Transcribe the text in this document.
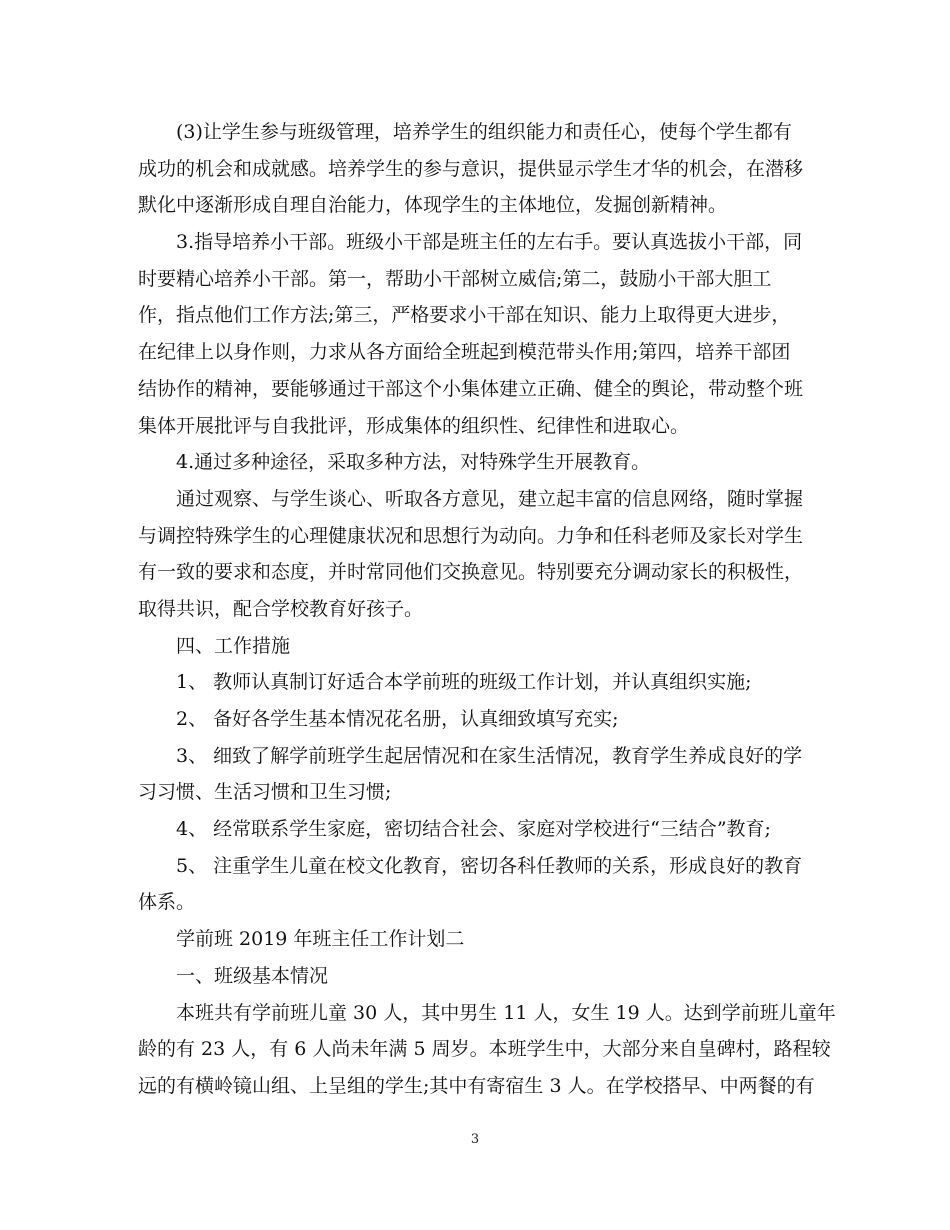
(3)让学生参与班级管理，培养学生的组织能力和责任心，使每个学生都有
成功的机会和成就感。培养学生的参与意识，提供显示学生才华的机会，在潜移
默化中逐渐形成自理自治能力，体现学生的主体地位，发掘创新精神。
3.指导培养小干部。班级小干部是班主任的左右手。要认真选拔小干部，同
时要精心培养小干部。第一，帮助小干部树立威信;第二，鼓励小干部大胆工
作，指点他们工作方法;第三，严格要求小干部在知识、能力上取得更大进步，
在纪律上以身作则，力求从各方面给全班起到模范带头作用;第四，培养干部团
结协作的精神，要能够通过干部这个小集体建立正确、健全的舆论，带动整个班
集体开展批评与自我批评，形成集体的组织性、纪律性和进取心。
4.通过多种途径，采取多种方法，对特殊学生开展教育。
通过观察、与学生谈心、听取各方意见，建立起丰富的信息网络，随时掌握
与调控特殊学生的心理健康状况和思想行为动向。力争和任科老师及家长对学生
有一致的要求和态度，并时常同他们交换意见。特别要充分调动家长的积极性，
取得共识，配合学校教育好孩子。
四、工作措施
1、 教师认真制订好适合本学前班的班级工作计划，并认真组织实施;
2、 备好各学生基本情况花名册，认真细致填写充实;
3、 细致了解学前班学生起居情况和在家生活情况，教育学生养成良好的学
习习惯、生活习惯和卫生习惯;
4、 经常联系学生家庭，密切结合社会、家庭对学校进行“三结合”教育;
5、 注重学生儿童在校文化教育，密切各科任教师的关系，形成良好的教育
体系。
学前班 2019 年班主任工作计划二
一、班级基本情况
本班共有学前班儿童 30 人，其中男生 11 人，女生 19 人。达到学前班儿童年
龄的有 23 人，有 6 人尚未年满 5 周岁。本班学生中，大部分来自皇碑村，路程较
远的有横岭镜山组、上呈组的学生;其中有寄宿生 3 人。在学校搭早、中两餐的有
3
